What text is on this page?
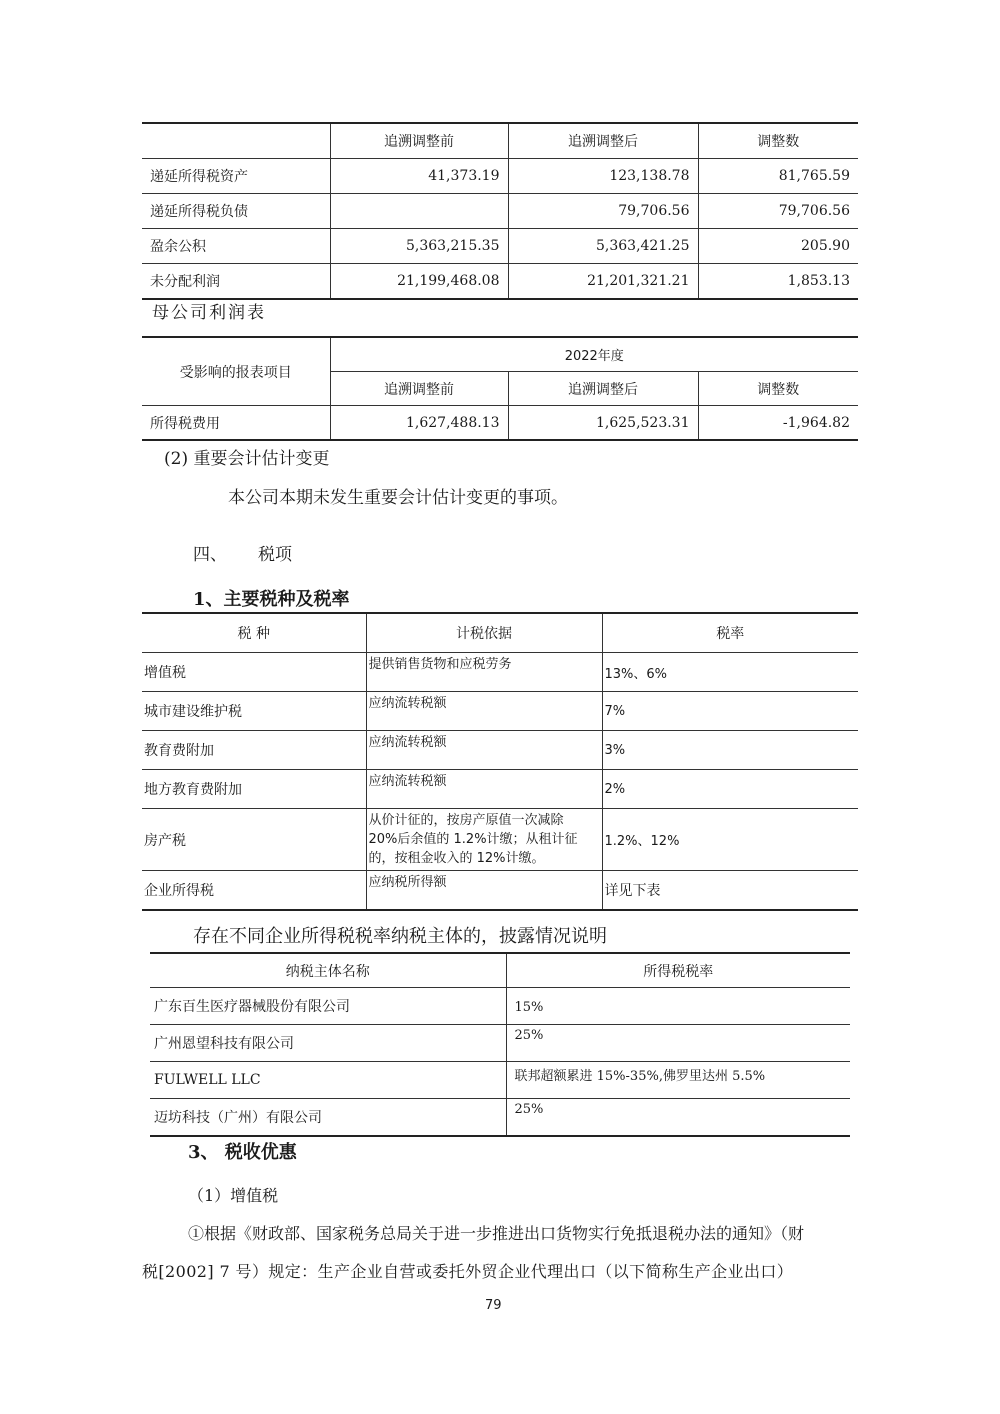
	追溯调整前	追溯调整后	调整数
递延所得税资产	41,373.19	123,138.78	81,765.59
递延所得税负债		79,706.56	79,706.56
盈余公积	5,363,215.35	5,363,421.25	205.90
未分配利润	21,199,468.08	21,201,321.21	1,853.13
母公司利润表
受影响的报表项目	2022年度		
	追溯调整前	追溯调整后	调整数
所得税费用	1,627,488.13	1,625,523.31	-1,964.82
(2) 重要会计估计变更
本公司本期未发生重要会计估计变更的事项。
四、 税项
1、主要税种及税率
税 种	计税依据	税率
增值税	提供销售货物和应税劳务	13%、6%
城市建设维护税	应纳流转税额	7%
教育费附加	应纳流转税额	3%
地方教育费附加	应纳流转税额	2%
房产税	从价计征的，按房产原值一次减除
20%后余值的 1.2%计缴；从租计征
的，按租金收入的 12%计缴。	1.2%、12%
企业所得税	应纳税所得额	详见下表
存在不同企业所得税税率纳税主体的，披露情况说明
纳税主体名称	所得税税率
广东百生医疗器械股份有限公司	15%
广州恩望科技有限公司	25%
FULWELL LLC	联邦超额累进 15%-35%,佛罗里达州 5.5%
迈坊科技（广州）有限公司	25%
3、 税收优惠
（1）增值税
①根据《财政部、国家税务总局关于进一步推进出口货物实行免抵退税办法的通知》（财
税[2002] 7 号）规定：生产企业自营或委托外贸企业代理出口（以下简称生产企业出口）
79
